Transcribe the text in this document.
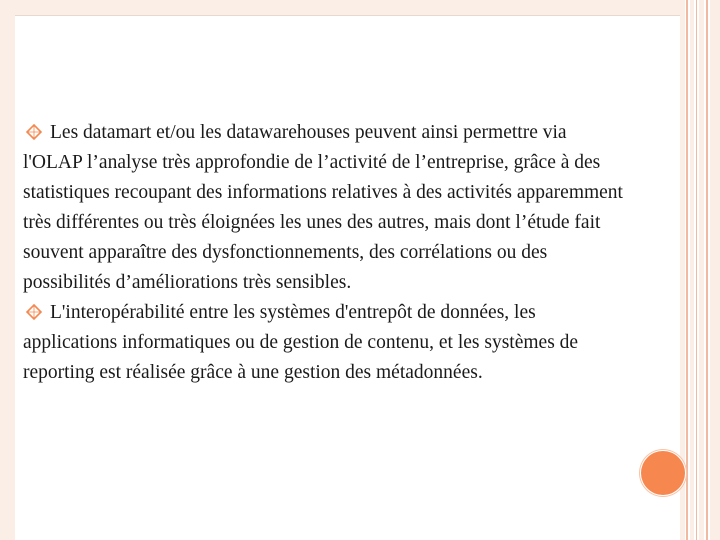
Les datamart et/ou les datawarehouses peuvent ainsi permettre via l'OLAP l’analyse très approfondie de l’activité de l’entreprise, grâce à des statistiques recoupant des informations relatives à des activités apparemment très différentes ou très éloignées les unes des autres, mais dont l’étude fait souvent apparaître des dysfonctionnements, des corrélations ou des possibilités d’améliorations très sensibles.

L'interopérabilité entre les systèmes d'entrepôt de données, les applications informatiques ou de gestion de contenu, et les systèmes de reporting est réalisée grâce à une gestion des métadonnées.
